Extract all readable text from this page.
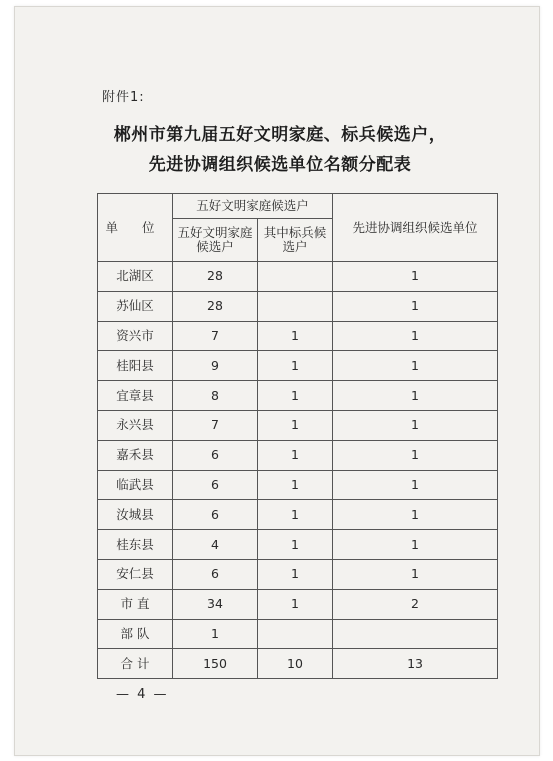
附件1:
郴州市第九届五好文明家庭、标兵候选户，
先进协调组织候选单位名额分配表
单 位	五好文明家庭候选户		先进协调组织候选单位
	五好文明家庭候选户	其中标兵候选户	
北湖区	28		1
苏仙区	28		1
资兴市	7	1	1
桂阳县	9	1	1
宜章县	8	1	1
永兴县	7	1	1
嘉禾县	6	1	1
临武县	6	1	1
汝城县	6	1	1
桂东县	4	1	1
安仁县	6	1	1
市 直	34	1	2
部 队	1		
合 计	150	10	13
— 4 —
